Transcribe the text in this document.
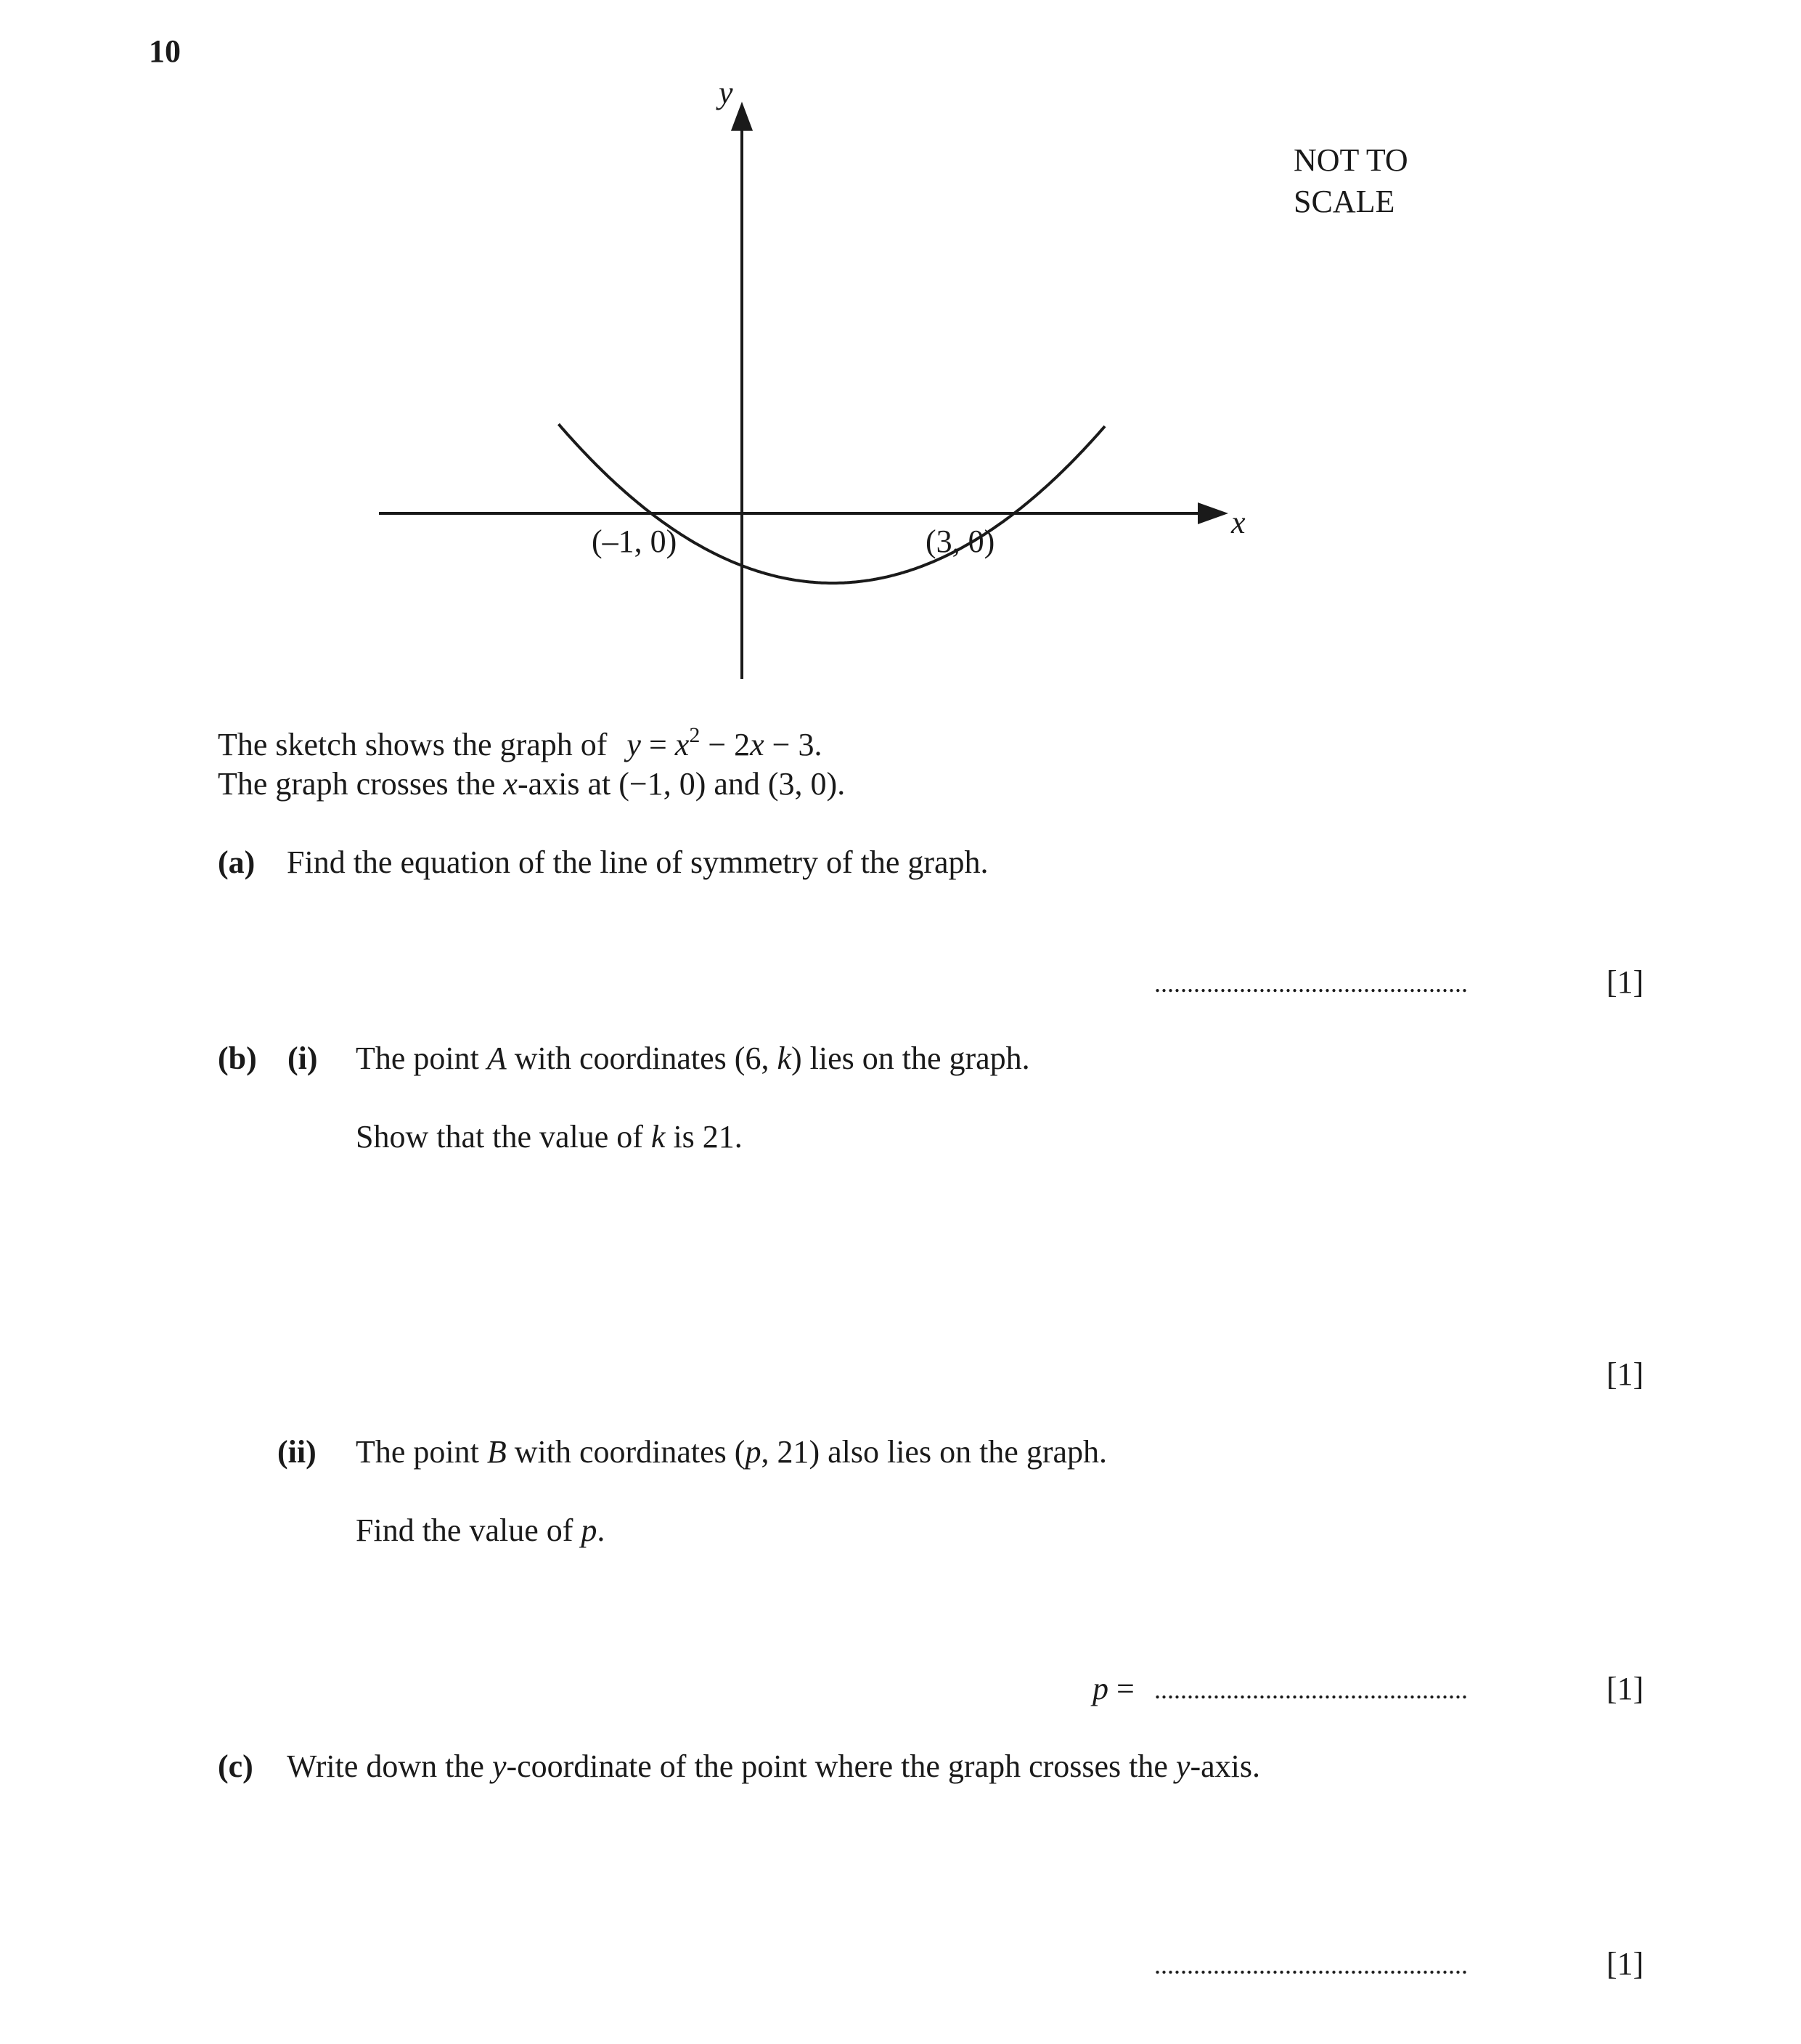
10
y
x
(–1, 0)	(3, 0)
NOT TO
SCALE
The sketch shows the graph of $y = x^2 - 2x - 3$.
The graph crosses the x-axis at (−1, 0) and (3, 0).
(a) Find the equation of the line of symmetry of the graph.
................................................	[1]
(b) (i) The point A with coordinates (6, k) lies on the graph.
Show that the value of k is 21.
[1]
(ii) The point B with coordinates (p, 21) also lies on the graph.
Find the value of p.
p = ................................................	[1]
(c) Write down the y-coordinate of the point where the graph crosses the y-axis.
................................................	[1]
